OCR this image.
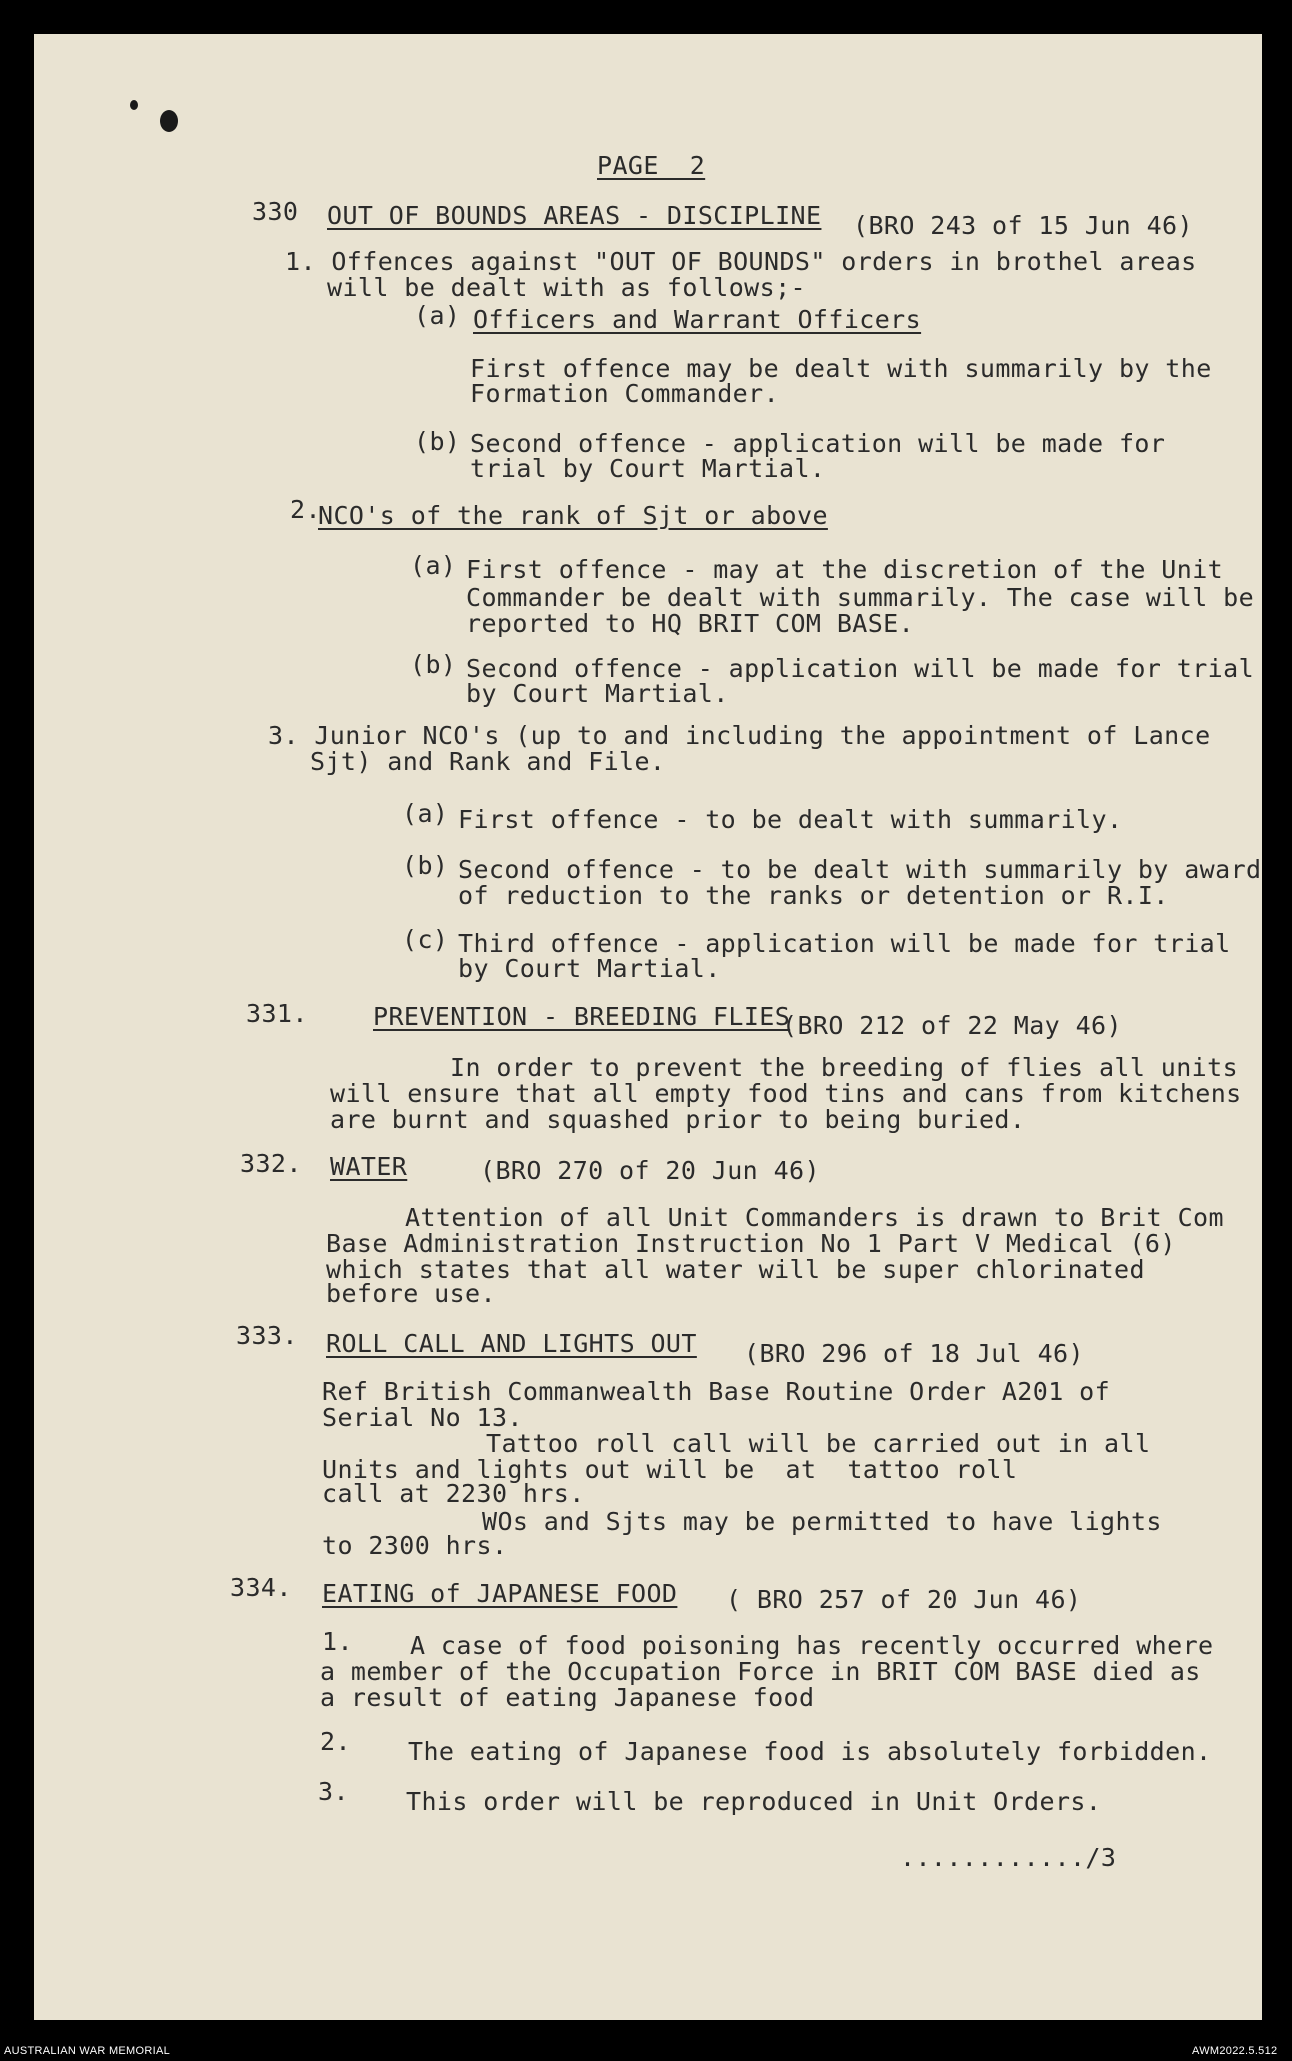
PAGE  2
330 OUT OF BOUNDS AREAS - DISCIPLINE (BRO 243 of 15 Jun 46)
1. Offences against "OUT OF BOUNDS" orders in brothel areas
will be dealt with as follows;-
(a) Officers and Warrant Officers
First offence may be dealt with summarily by the
Formation Commander.
(b) Second offence - application will be made for
trial by Court Martial.
2.
NCO's of the rank of Sjt or above
(a) First offence - may at the discretion of the Unit
Commander be dealt with summarily. The case will be
reported to HQ BRIT COM BASE.
(b) Second offence - application will be made for trial
by Court Martial.
3. Junior NCO's (up to and including the appointment of Lance
Sjt) and Rank and File.
(a) First offence - to be dealt with summarily.
(b) Second offence - to be dealt with summarily by award
of reduction to the ranks or detention or R.I.
(c) Third offence - application will be made for trial
by Court Martial.
331.	PREVENTION - BREEDING FLIES
(BRO 212 of 22 May 46)
In order to prevent the breeding of flies all units
will ensure that all empty food tins and cans from kitchens
are burnt and squashed prior to being buried.
332. WATER	(BRO 270 of 20 Jun 46)
Attention of all Unit Commanders is drawn to Brit Com
Base Administration Instruction No 1 Part V Medical (6)
which states that all water will be super chlorinated
before use.
333. ROLL CALL AND LIGHTS OUT (BRO 296 of 18 Jul 46)
Ref British Commanwealth Base Routine Order A201 of
Serial No 13.
Tattoo roll call will be carried out in all
Units and lights out will be  at  tattoo roll
call at 2230 hrs.
WOs and Sjts may be permitted to have lights
to 2300 hrs.
334. EATING of JAPANESE FOOD ( BRO 257 of 20 Jun 46)
1. A case of food poisoning has recently occurred where
a member of the Occupation Force in BRIT COM BASE died as
a result of eating Japanese food
2. The eating of Japanese food is absolutely forbidden.
3. This order will be reproduced in Unit Orders.
............/3
AUSTRALIAN WAR MEMORIAL	AWM2022.5.512
